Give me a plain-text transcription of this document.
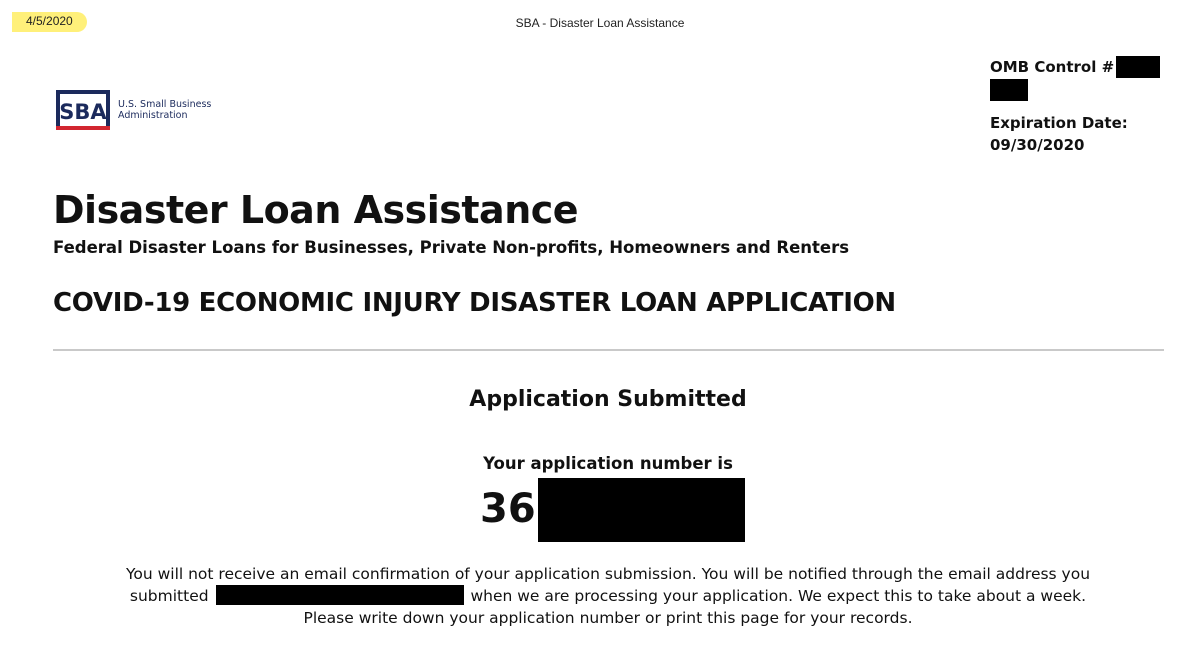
4/5/2020	SBA - Disaster Loan Assistance
SBA U.S. Small Business
Administration
OMB Control #
Expiration Date:
09/30/2020
Disaster Loan Assistance
Federal Disaster Loans for Businesses, Private Non-profits, Homeowners and Renters
COVID-19 ECONOMIC INJURY DISASTER LOAN APPLICATION
Application Submitted
Your application number is
36

You will not receive an email confirmation of your application submission. You will be notified through the email address you submitted	when we are processing your application. We expect this to take about a week.
Please write down your application number or print this page for your records.
